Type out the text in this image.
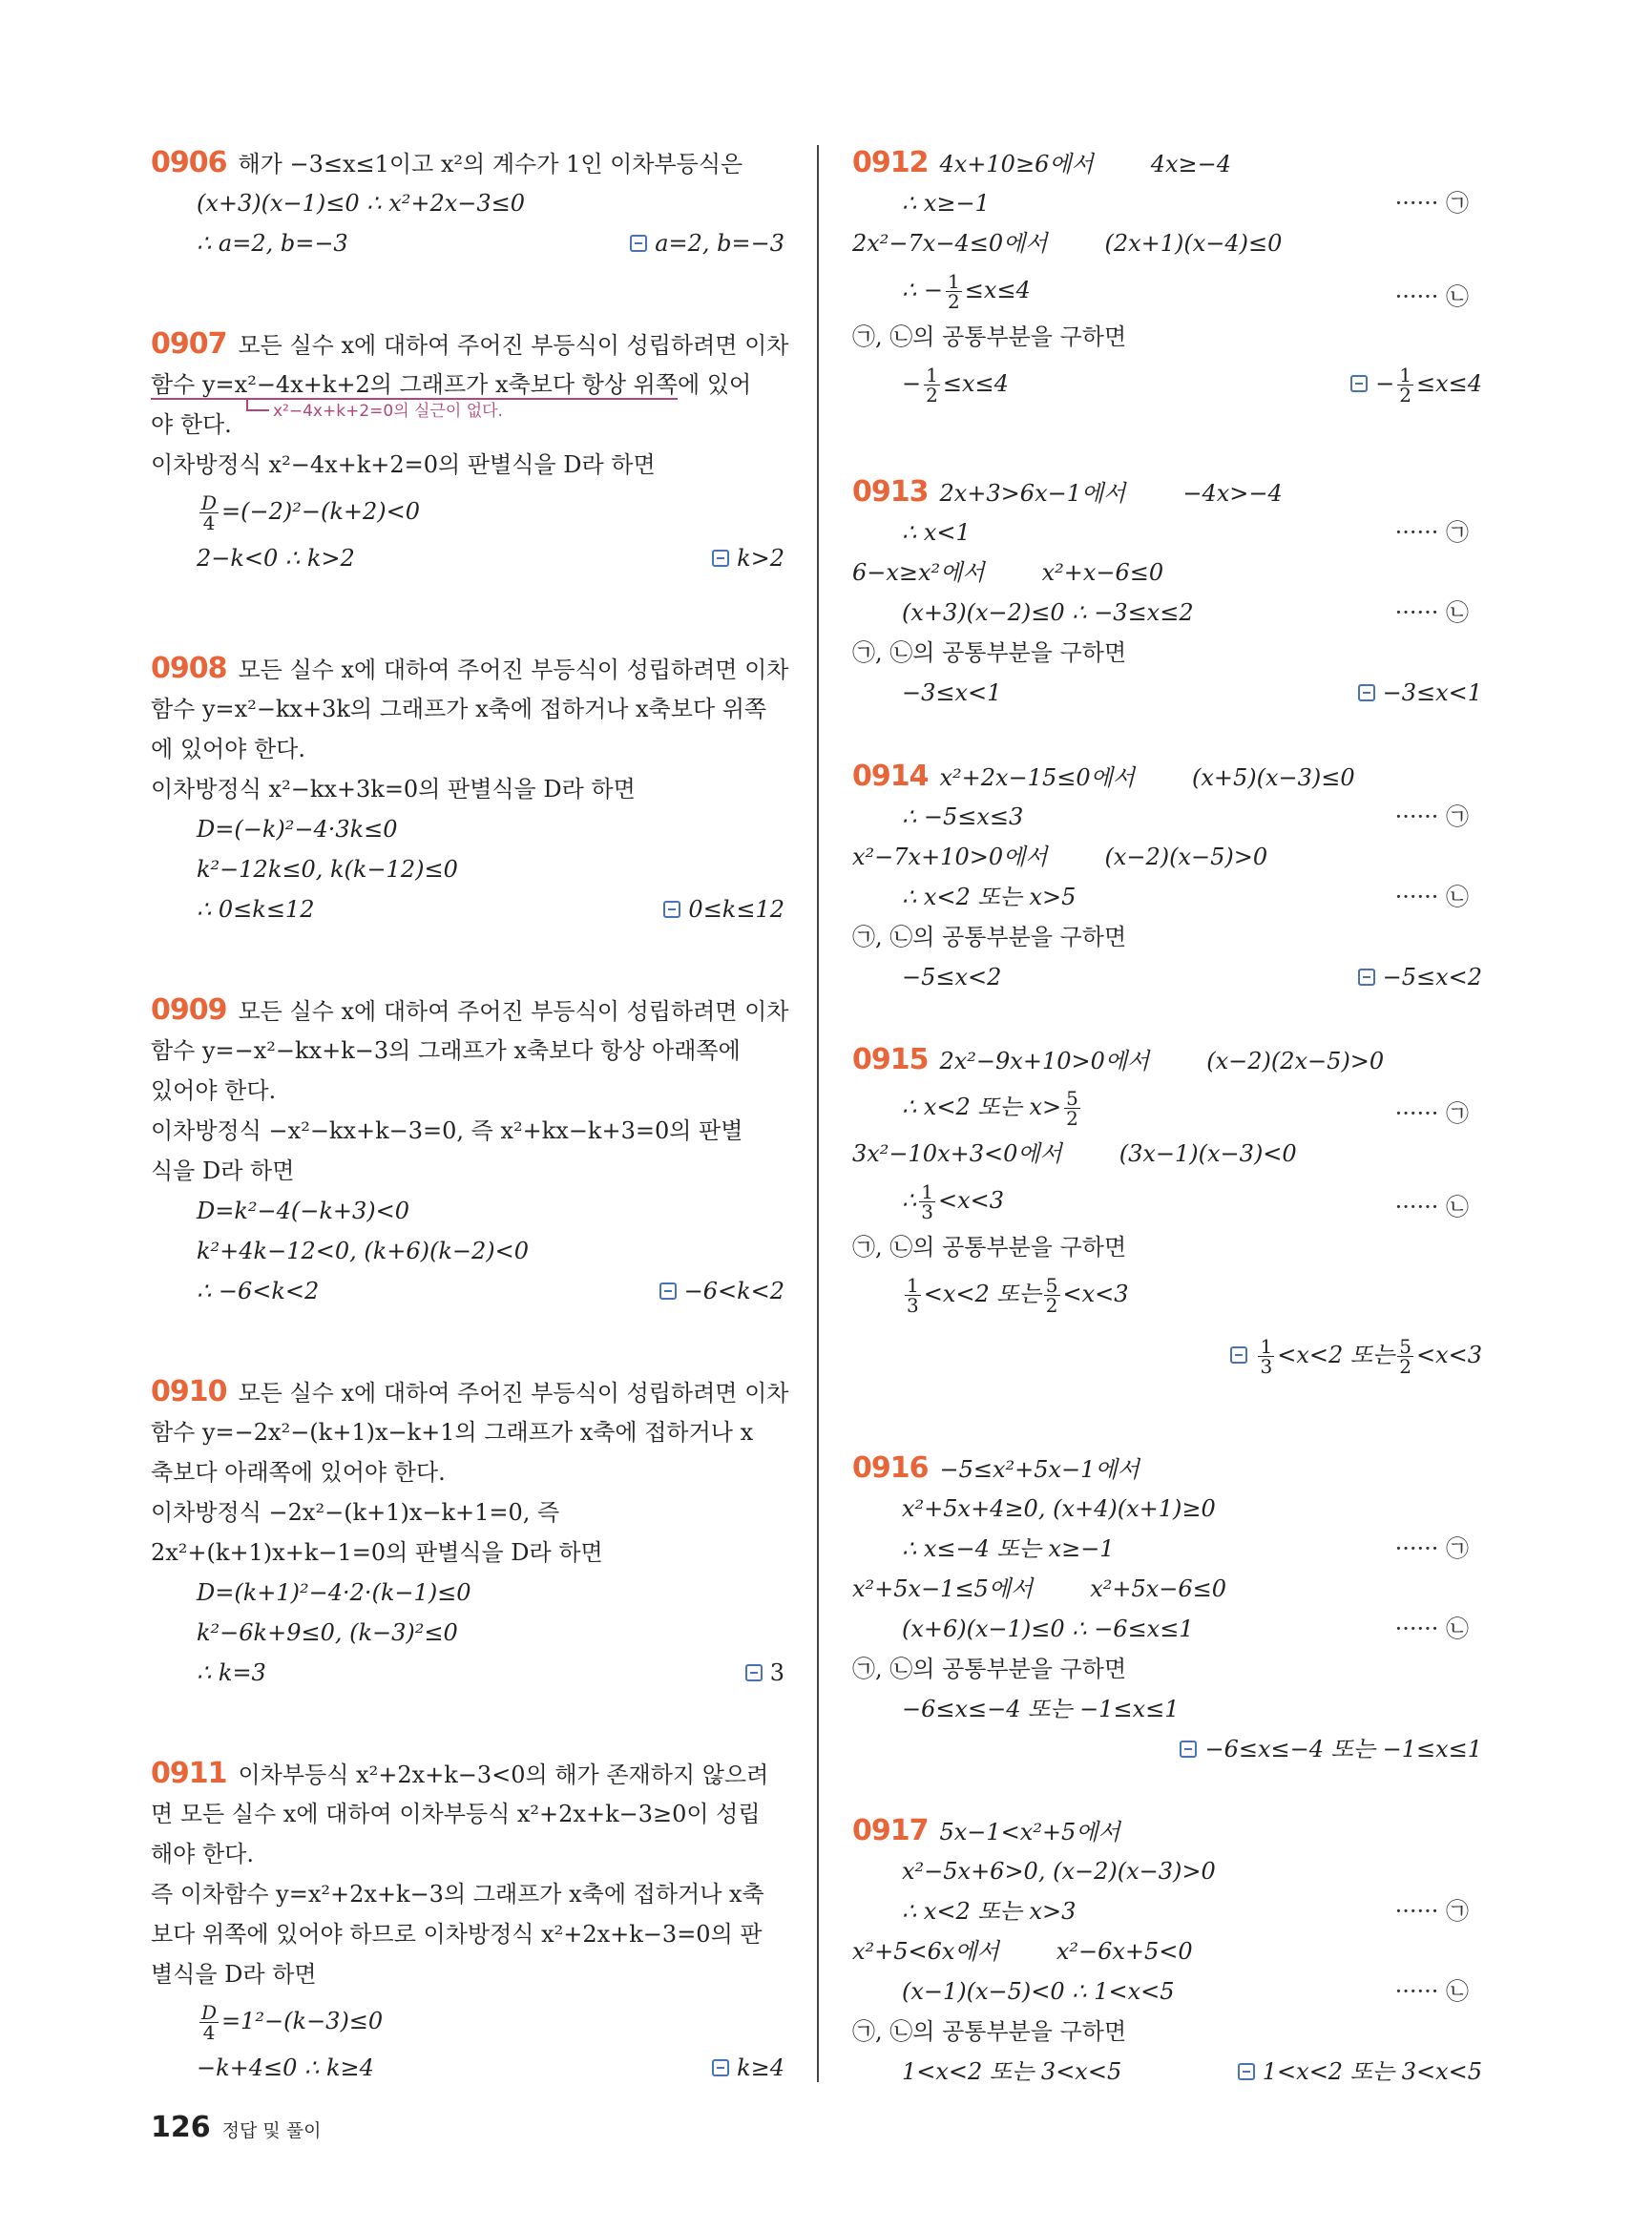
0906 해가 −3≤x≤1이고 x²의 계수가 1인 이차부등식은
(x+3)(x−1)≤0 ∴ x²+2x−3≤0
∴ a=2, b=−3	a=2, b=−3
0907 모든 실수 x에 대하여 주어진 부등식이 성립하려면 이차
함수 y=x²−4x+k+2의 그래프가 x축보다 항상 위쪽에 있어
야 한다.	x²−4x+k+2=0의 실근이 없다.
이차방정식 x²−4x+k+2=0의 판별식을 D라 하면
$\frac{D}{4} =(-2)^2-(k+2)<0$
2−k<0 ∴ k>2	k>2
0908 모든 실수 x에 대하여 주어진 부등식이 성립하려면 이차
함수 y=x²−kx+3k의 그래프가 x축에 접하거나 x축보다 위쪽
에 있어야 한다.
이차방정식 x²−kx+3k=0의 판별식을 D라 하면
D=(−k)²−4·3k≤0
k²−12k≤0, k(k−12)≤0
∴ 0≤k≤12	0≤k≤12
0909 모든 실수 x에 대하여 주어진 부등식이 성립하려면 이차
함수 y=−x²−kx+k−3의 그래프가 x축보다 항상 아래쪽에
있어야 한다.
이차방정식 −x²−kx+k−3=0, 즉 x²+kx−k+3=0의 판별
식을 D라 하면
D=k²−4(−k+3)<0
k²+4k−12<0, (k+6)(k−2)<0
∴ −6<k<2	−6<k<2
0910 모든 실수 x에 대하여 주어진 부등식이 성립하려면 이차
함수 y=−2x²−(k+1)x−k+1의 그래프가 x축에 접하거나 x
축보다 아래쪽에 있어야 한다.
이차방정식 −2x²−(k+1)x−k+1=0, 즉
2x²+(k+1)x+k−1=0의 판별식을 D라 하면
D=(k+1)²−4·2·(k−1)≤0
k²−6k+9≤0, (k−3)²≤0
∴ k=3	3
0911 이차부등식 x²+2x+k−3<0의 해가 존재하지 않으려
면 모든 실수 x에 대하여 이차부등식 x²+2x+k−3≥0이 성립
해야 한다.
즉 이차함수 y=x²+2x+k−3의 그래프가 x축에 접하거나 x축
보다 위쪽에 있어야 하므로 이차방정식 x²+2x+k−3=0의 판
별식을 D라 하면
$\frac{D}{4} =1^2-(k-3)\le 0$
−k+4≤0 ∴ k≥4	k≥4
0912 4x+10≥6에서	4x≥−4
∴ x≥−1	······ ㉠
2x²−7x−4≤0에서	(2x+1)(x−4)≤0
∴ − $\frac{1}{2} \le x\le 4$	······ ㉡
㉠, ㉡의 공통부분을 구하면
− $\frac{1}{2} \le x\le 4$	− $\frac{1}{2} \le x\le 4$
0913 2x+3>6x−1에서	−4x>−4
∴ x<1	······ ㉠
6−x≥x²에서	x²+x−6≤0
(x+3)(x−2)≤0 ∴ −3≤x≤2	······ ㉡
㉠, ㉡의 공통부분을 구하면
−3≤x<1	−3≤x<1
0914 x²+2x−15≤0에서	(x+5)(x−3)≤0
∴ −5≤x≤3	······ ㉠
x²−7x+10>0에서	(x−2)(x−5)>0
∴ x<2 또는 x>5	······ ㉡
㉠, ㉡의 공통부분을 구하면
−5≤x<2	−5≤x<2
0915 2x²−9x+10>0에서	(x−2)(2x−5)>0
∴ x<2 또는 $x> \frac{5}{2}$	······ ㉠
3x²−10x+3<0에서	(3x−1)(x−3)<0
∴ $\frac{1}{3} <x<3$	······ ㉡
㉠, ㉡의 공통부분을 구하면
$\frac{1}{3} <x<2$ 또는 $\frac{5}{2} <x<3$
$\frac{1}{3} <x<2$ 또는 $\frac{5}{2} <x<3$
0916 −5≤x²+5x−1에서
x²+5x+4≥0, (x+4)(x+1)≥0
∴ x≤−4 또는 x≥−1	······ ㉠
x²+5x−1≤5에서	x²+5x−6≤0
(x+6)(x−1)≤0 ∴ −6≤x≤1	······ ㉡
㉠, ㉡의 공통부분을 구하면
−6≤x≤−4 또는 −1≤x≤1
−6≤x≤−4 또는 −1≤x≤1
0917 5x−1<x²+5에서
x²−5x+6>0, (x−2)(x−3)>0
∴ x<2 또는 x>3	······ ㉠
x²+5<6x에서	x²−6x+5<0
(x−1)(x−5)<0 ∴ 1<x<5	······ ㉡
㉠, ㉡의 공통부분을 구하면
1<x<2 또는 3<x<5	1<x<2 또는 3<x<5
126 정답 및 풀이
